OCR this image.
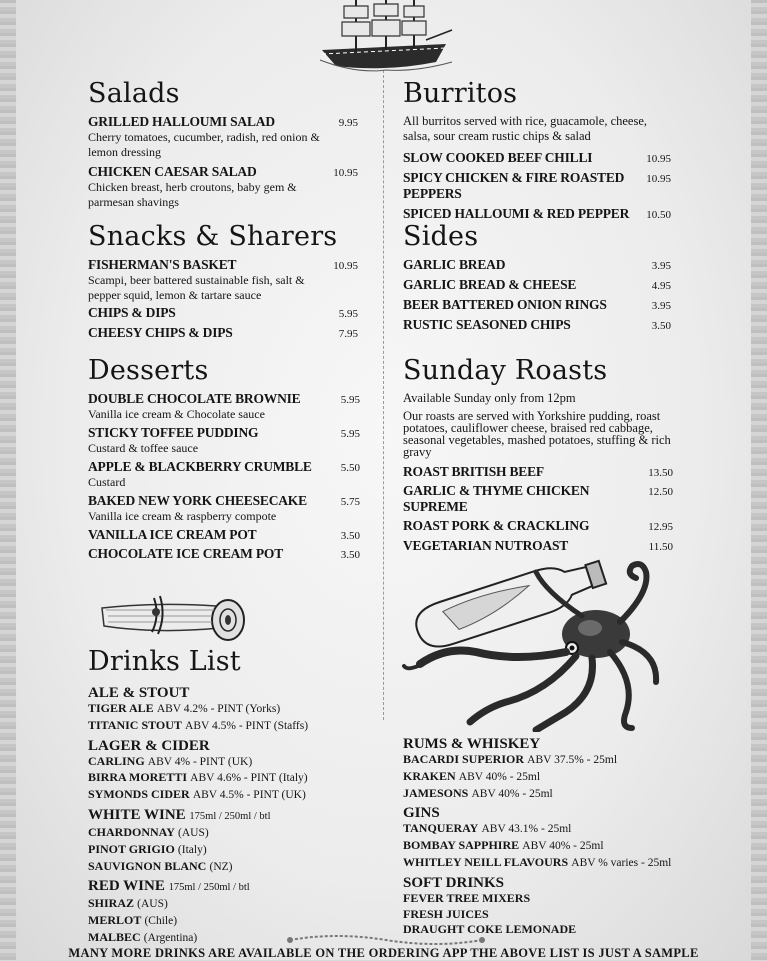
Salads
GRILLED HALLOUMI SALAD	9.95
Cherry tomatoes, cucumber, radish, red onion & lemon dressing
CHICKEN CAESAR SALAD	10.95
Chicken breast, herb croutons, baby gem & parmesan shavings
Snacks & Sharers
FISHERMAN'S BASKET	10.95
Scampi, beer battered sustainable fish, salt & pepper squid, lemon & tartare sauce
CHIPS & DIPS	5.95
CHEESY CHIPS & DIPS	7.95
Desserts
DOUBLE CHOCOLATE BROWNIE	5.95
Vanilla ice cream & Chocolate sauce
STICKY TOFFEE PUDDING	5.95
Custard & toffee sauce
APPLE & BLACKBERRY CRUMBLE	5.50
Custard
BAKED NEW YORK CHEESECAKE	5.75
Vanilla ice cream & raspberry compote
VANILLA ICE CREAM POT	3.50
CHOCOLATE ICE CREAM POT	3.50
Burritos
All burritos served with rice, guacamole, cheese, salsa, sour cream rustic chips & salad
SLOW COOKED BEEF CHILLI	10.95
SPICY CHICKEN & FIRE ROASTED PEPPERS
10.95
SPICED HALLOUMI & RED PEPPER	10.50
Sides
GARLIC BREAD	3.95
GARLIC BREAD & CHEESE	4.95
BEER BATTERED ONION RINGS	3.95
RUSTIC SEASONED CHIPS	3.50
Sunday Roasts
Available Sunday only from 12pm
Our roasts are served with Yorkshire pudding, roast potatoes, cauliflower cheese, braised red cabbage, seasonal vegetables, mashed potatoes, stuffing & rich gravy
ROAST BRITISH BEEF	13.50
GARLIC & THYME CHICKEN SUPREME
12.50
ROAST PORK & CRACKLING	12.95
VEGETARIAN NUTROAST	11.50
Drinks List
ALE & STOUT
TIGER ALE ABV 4.2% - PINT (Yorks)
TITANIC STOUT ABV 4.5% - PINT (Staffs)
LAGER & CIDER
CARLING ABV 4% - PINT (UK)
BIRRA MORETTI ABV 4.6% - PINT (Italy)
SYMONDS CIDER ABV 4.5% - PINT (UK)
WHITE WINE 175ml / 250ml / btl
CHARDONNAY (AUS)
PINOT GRIGIO (Italy)
SAUVIGNON BLANC (NZ)
RED WINE 175ml / 250ml / btl
SHIRAZ (AUS)
MERLOT (Chile)
MALBEC (Argentina)
RUMS & WHISKEY
BACARDI SUPERIOR ABV 37.5% - 25ml
KRAKEN ABV 40% - 25ml
JAMESONS ABV 40% - 25ml
GINS
TANQUERAY ABV 43.1% - 25ml
BOMBAY SAPPHIRE ABV 40% - 25ml
WHITLEY NEILL FLAVOURS ABV % varies - 25ml
SOFT DRINKS
FEVER TREE MIXERS
FRESH JUICES
DRAUGHT COKE LEMONADE
MANY MORE DRINKS ARE AVAILABLE ON THE ORDERING APP THE ABOVE LIST IS JUST A SAMPLE
